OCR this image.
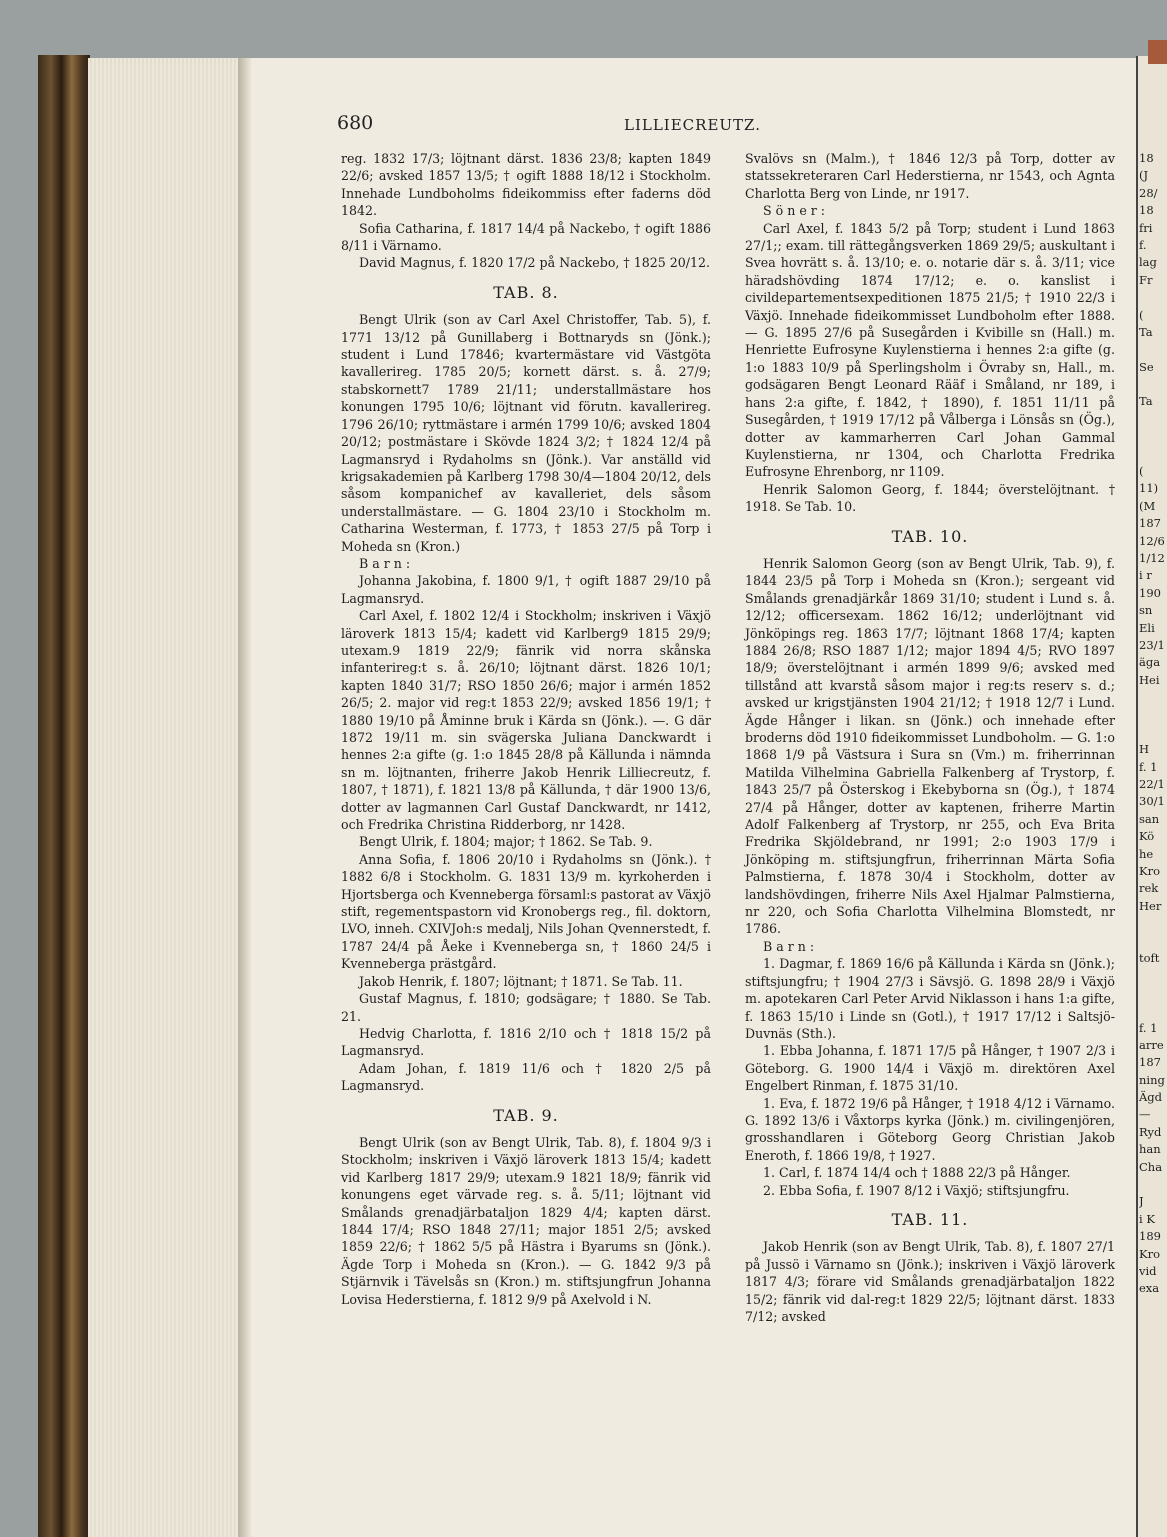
680	LILLIECREUTZ.

reg. 1832 17/3; löjtnant därst. 1836 23/8; kapten 1849 22/6; avsked 1857 13/5; † ogift 1888 18/12 i Stockholm. Innehade Lundboholms fideikommiss efter faderns död 1842.

Sofia Catharina, f. 1817 14/4 på Nackebo, † ogift 1886 8/11 i Värnamo.

David Magnus, f. 1820 17/2 på Nackebo, † 1825 20/12.

TAB. 8.

Bengt Ulrik (son av Carl Axel Christoffer, Tab. 5), f. 1771 13/12 på Gunillaberg i Bottnaryds sn (Jönk.); student i Lund 17846; kvartermästare vid Västgöta kavallerireg. 1785 20/5; kornett därst. s. å. 27/9; stabskornett7 1789 21/11; understallmästare hos konungen 1795 10/6; löjtnant vid förutn. kavallerireg. 1796 26/10; ryttmästare i armén 1799 10/6; avsked 1804 20/12; postmästare i Skövde 1824 3/2; † 1824 12/4 på Lagmansryd i Rydaholms sn (Jönk.). Var anställd vid krigsakademien på Karlberg 1798 30/4—1804 20/12, dels såsom kompanichef av kavalleriet, dels såsom understallmästare. — G. 1804 23/10 i Stockholm m. Catharina Westerman, f. 1773, † 1853 27/5 på Torp i Moheda sn (Kron.)

B a r n :

Johanna Jakobina, f. 1800 9/1, † ogift 1887 29/10 på Lagmansryd.

Carl Axel, f. 1802 12/4 i Stockholm; inskriven i Växjö läroverk 1813 15/4; kadett vid Karlberg9 1815 29/9; utexam.9 1819 22/9; fänrik vid norra skånska infanterireg:t s. å. 26/10; löjtnant därst. 1826 10/1; kapten 1840 31/7; RSO 1850 26/6; major i armén 1852 26/5; 2. major vid reg:t 1853 22/9; avsked 1856 19/1; † 1880 19/10 på Åminne bruk i Kärda sn (Jönk.). —. G där 1872 19/11 m. sin svägerska Juliana Danckwardt i hennes 2:a gifte (g. 1:o 1845 28/8 på Källunda i nämnda sn m. löjtnanten, friherre Jakob Henrik Lilliecreutz, f. 1807, † 1871), f. 1821 13/8 på Källunda, † där 1900 13/6, dotter av lagmannen Carl Gustaf Danckwardt, nr 1412, och Fredrika Christina Ridderborg, nr 1428.

Bengt Ulrik, f. 1804; major; † 1862. Se Tab. 9.

Anna Sofia, f. 1806 20/10 i Rydaholms sn (Jönk.). † 1882 6/8 i Stockholm. G. 1831 13/9 m. kyrkoherden i Hjortsberga och Kvenneberga församl:s pastorat av Växjö stift, regementspastorn vid Kronobergs reg., fil. doktorn, LVO, inneh. CXIVJoh:s medalj, Nils Johan Qvennerstedt, f. 1787 24/4 på Åeke i Kvenneberga sn, † 1860 24/5 i Kvenneberga prästgård.

Jakob Henrik, f. 1807; löjtnant; † 1871. Se Tab. 11.

Gustaf Magnus, f. 1810; godsägare; † 1880. Se Tab. 21.

Hedvig Charlotta, f. 1816 2/10 och † 1818 15/2 på Lagmansryd.

Adam Johan, f. 1819 11/6 och † 1820 2/5 på Lagmansryd.

TAB. 9.

Bengt Ulrik (son av Bengt Ulrik, Tab. 8), f. 1804 9/3 i Stockholm; inskriven i Växjö läroverk 1813 15/4; kadett vid Karlberg 1817 29/9; utexam.9 1821 18/9; fänrik vid konungens eget värvade reg. s. å. 5/11; löjtnant vid Smålands grenadjärbataljon 1829 4/4; kapten därst. 1844 17/4; RSO 1848 27/11; major 1851 2/5; avsked 1859 22/6; † 1862 5/5 på Hästra i Byarums sn (Jönk.). Ägde Torp i Moheda sn (Kron.). — G. 1842 9/3 på Stjärnvik i Tävelsås sn (Kron.) m. stiftsjungfrun Johanna Lovisa Hederstierna, f. 1812 9/9 på Axelvold i N.

Svalövs sn (Malm.), † 1846 12/3 på Torp, dotter av statssekreteraren Carl Hederstierna, nr 1543, och Agnta Charlotta Berg von Linde, nr 1917.

S ö n e r :

Carl Axel, f. 1843 5/2 på Torp; student i Lund 1863 27/1;; exam. till rättegångsverken 1869 29/5; auskultant i Svea hovrätt s. å. 13/10; e. o. notarie där s. å. 3/11; vice häradshövding 1874 17/12; e. o. kanslist i civildepartementsexpeditionen 1875 21/5; † 1910 22/3 i Växjö. Innehade fideikommisset Lundboholm efter 1888. — G. 1895 27/6 på Susegården i Kvibille sn (Hall.) m. Henriette Eufrosyne Kuylenstierna i hennes 2:a gifte (g. 1:o 1883 10/9 på Sperlingsholm i Övraby sn, Hall., m. godsägaren Bengt Leonard Rääf i Småland, nr 189, i hans 2:a gifte, f. 1842, † 1890), f. 1851 11/11 på Susegården, † 1919 17/12 på Vålberga i Lönsås sn (Ög.), dotter av kammarherren Carl Johan Gammal Kuylenstierna, nr 1304, och Charlotta Fredrika Eufrosyne Ehrenborg, nr 1109.

Henrik Salomon Georg, f. 1844; överstelöjtnant. † 1918. Se Tab. 10.

TAB. 10.

Henrik Salomon Georg (son av Bengt Ulrik, Tab. 9), f. 1844 23/5 på Torp i Moheda sn (Kron.); sergeant vid Smålands grenadjärkår 1869 31/10; student i Lund s. å. 12/12; officersexam. 1862 16/12; underlöjtnant vid Jönköpings reg. 1863 17/7; löjtnant 1868 17/4; kapten 1884 26/8; RSO 1887 1/12; major 1894 4/5; RVO 1897 18/9; överstelöjtnant i armén 1899 9/6; avsked med tillstånd att kvarstå såsom major i reg:ts reserv s. d.; avsked ur krigstjänsten 1904 21/12; † 1918 12/7 i Lund. Ägde Hånger i likan. sn (Jönk.) och innehade efter broderns död 1910 fideikommisset Lundboholm. — G. 1:o 1868 1/9 på Västsura i Sura sn (Vm.) m. friherrinnan Matilda Vilhelmina Gabriella Falkenberg af Trystorp, f. 1843 25/7 på Österskog i Ekebyborna sn (Ög.), † 1874 27/4 på Hånger, dotter av kaptenen, friherre Martin Adolf Falkenberg af Trystorp, nr 255, och Eva Brita Fredrika Skjöldebrand, nr 1991; 2:o 1903 17/9 i Jönköping m. stiftsjungfrun, friherrinnan Märta Sofia Palmstierna, f. 1878 30/4 i Stockholm, dotter av landshövdingen, friherre Nils Axel Hjalmar Palmstierna, nr 220, och Sofia Charlotta Vilhelmina Blomstedt, nr 1786.

B a r n :

1. Dagmar, f. 1869 16/6 på Källunda i Kärda sn (Jönk.); stiftsjungfru; † 1904 27/3 i Sävsjö. G. 1898 28/9 i Växjö m. apotekaren Carl Peter Arvid Niklasson i hans 1:a gifte, f. 1863 15/10 i Linde sn (Gotl.), † 1917 17/12 i Saltsjö-Duvnäs (Sth.).

1. Ebba Johanna, f. 1871 17/5 på Hånger, † 1907 2/3 i Göteborg. G. 1900 14/4 i Växjö m. direktören Axel Engelbert Rinman, f. 1875 31/10.

1. Eva, f. 1872 19/6 på Hånger, † 1918 4/12 i Värnamo. G. 1892 13/6 i Våxtorps kyrka (Jönk.) m. civilingenjören, grosshandlaren i Göteborg Georg Christian Jakob Eneroth, f. 1866 19/8, † 1927.

1. Carl, f. 1874 14/4 och † 1888 22/3 på Hånger.

2. Ebba Sofia, f. 1907 8/12 i Växjö; stiftsjungfru.

TAB. 11.

Jakob Henrik (son av Bengt Ulrik, Tab. 8), f. 1807 27/1 på Jussö i Värnamo sn (Jönk.); inskriven i Växjö läroverk 1817 4/3; förare vid Smålands grenadjärbataljon 1822 15/2; fänrik vid dal-reg:t 1829 22/5; löjtnant därst. 1833 7/12; avsked

18
(J
28/
18
fri
f.
lag
Fr
(
Ta
Se
Ta
(
11)
(M
187
12/6
1/12
i r
190
sn
Eli
23/1
äga
Hei
H
f. 1
22/1
30/1
san
Kö
he
Kro
rek
Her
toft
f. 1
arre
187
ning
Ägd
—
Ryd
han
Cha
J
i K
189
Kro
vid
exa
